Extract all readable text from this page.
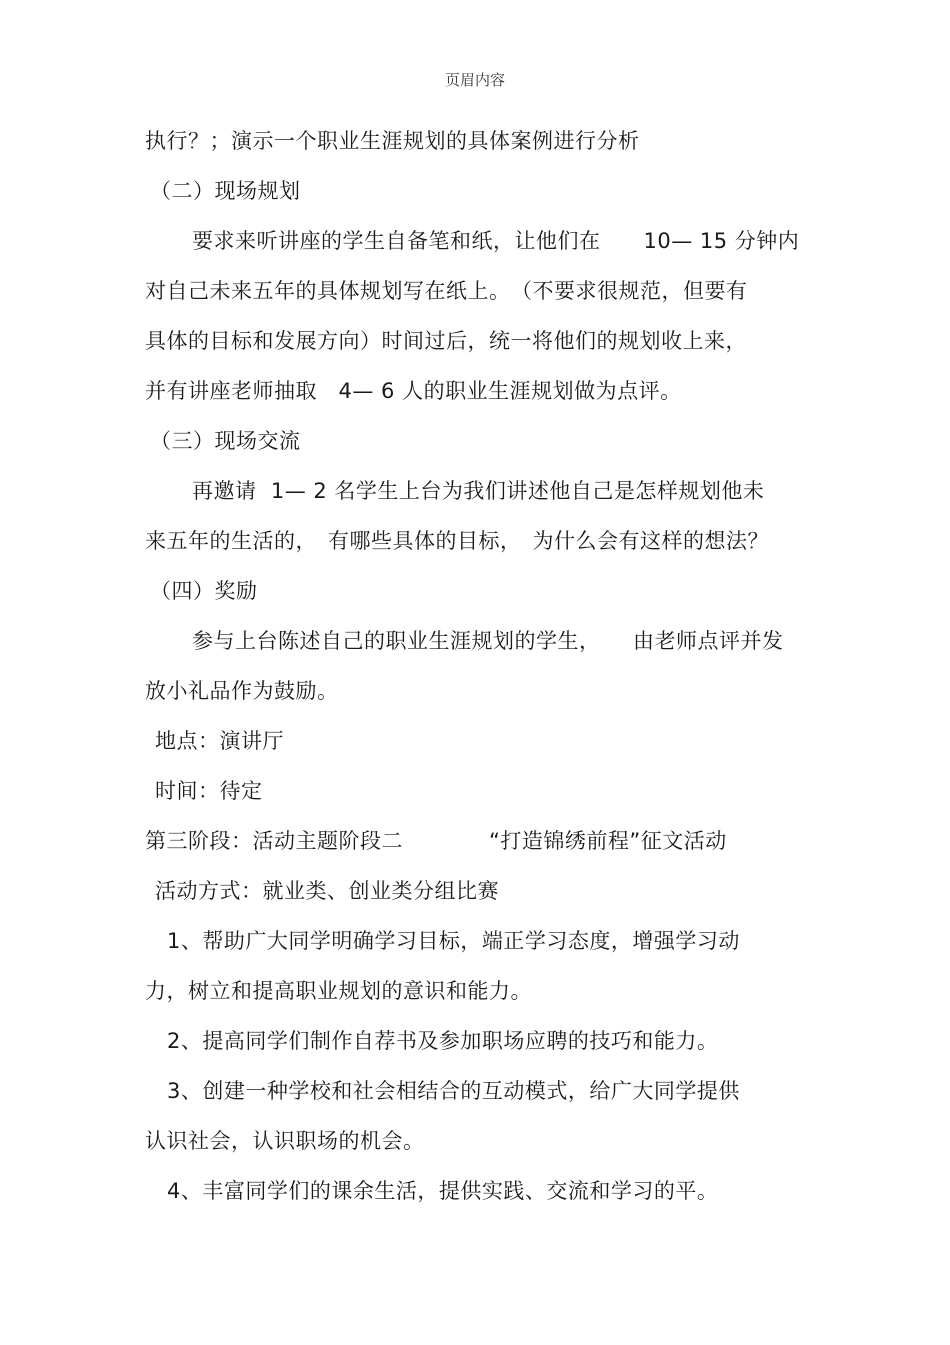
页眉内容
执行？；演示一个职业生涯规划的具体案例进行分析
（二）现场规划
要求来听讲座的学生自备笔和纸，让他们在　　10— 15 分钟内
对自己未来五年的具体规划写在纸上。　（不要求很规范，但要有
具体的目标和发展方向）时间过后，统一将他们的规划收上来，
并有讲座老师抽取　4— 6 人的职业生涯规划做为点评。
（三）现场交流
再邀请  1— 2 名学生上台为我们讲述他自己是怎样规划他未
来五年的生活的，　有哪些具体的目标，　为什么会有这样的想法？
（四）奖励
参与上台陈述自己的职业生涯规划的学生，　　由老师点评并发
放小礼品作为鼓励。
地点：演讲厅
时间：待定
第三阶段：活动主题阶段二　　　　“打造锦绣前程”征文活动
活动方式：就业类、创业类分组比赛
1、帮助广大同学明确学习目标，端正学习态度，增强学习动
力，树立和提高职业规划的意识和能力。
2、提高同学们制作自荐书及参加职场应聘的技巧和能力。
3、创建一种学校和社会相结合的互动模式，给广大同学提供
认识社会，认识职场的机会。
4、丰富同学们的课余生活，提供实践、交流和学习的平。
